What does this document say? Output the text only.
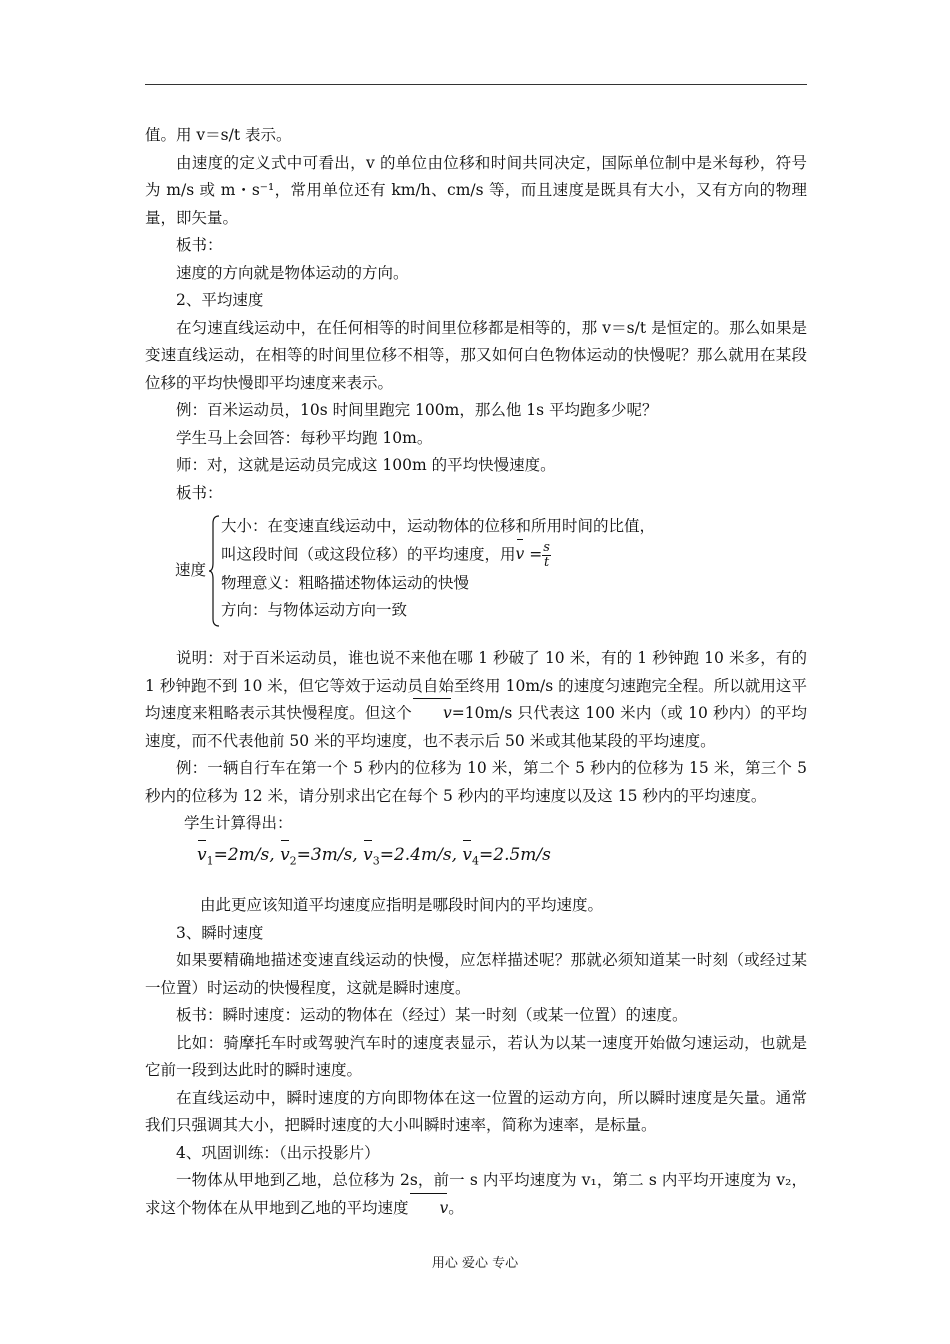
值。用 v＝s/t 表示。

由速度的定义式中可看出，v 的单位由位移和时间共同决定，国际单位制中是米每秒，符号为 m/s 或 m・s⁻¹，常用单位还有 km/h、cm/s 等，而且速度是既具有大小，又有方向的物理量，即矢量。

板书：

速度的方向就是物体运动的方向。

2、平均速度

在匀速直线运动中，在任何相等的时间里位移都是相等的，那 v＝s/t 是恒定的。那么如果是变速直线运动，在相等的时间里位移不相等，那又如何白色物体运动的快慢呢？那么就用在某段位移的平均快慢即平均速度来表示。

例：百米运动员，10s 时间里跑完 100m，那么他 1s 平均跑多少呢？

学生马上会回答：每秒平均跑 10m。

师：对，这就是运动员完成这 100m 的平均快慢速度。

板书：

速度
大小：在变速直线运动中，运动物体的位移和所用时间的比值，
叫这段时间（或这段位移）的平均速度，用$v = \frac{s}{t}$
物理意义：粗略描述物体运动的快慢
方向：与物体运动方向一致

说明：对于百米运动员，谁也说不来他在哪 1 秒破了 10 米，有的 1 秒钟跑 10 米多，有的 1 秒钟跑不到 10 米，但它等效于运动员自始至终用 10m/s 的速度匀速跑完全程。所以就用这平均速度来粗略表示其快慢程度。但这个 v=10m/s 只代表这 100 米内（或 10 秒内）的平均速度，而不代表他前 50 米的平均速度，也不表示后 50 米或其他某段的平均速度。

例：一辆自行车在第一个 5 秒内的位移为 10 米，第二个 5 秒内的位移为 15 米，第三个 5 秒内的位移为 12 米，请分别求出它在每个 5 秒内的平均速度以及这 15 秒内的平均速度。

学生计算得出：

$v_1=2m/s$, $v_2=3m/s$, $v_3=2.4m/s$, $v_4=2.5m/s$

由此更应该知道平均速度应指明是哪段时间内的平均速度。

3、瞬时速度

如果要精确地描述变速直线运动的快慢，应怎样描述呢？那就必须知道某一时刻（或经过某一位置）时运动的快慢程度，这就是瞬时速度。

板书：瞬时速度：运动的物体在（经过）某一时刻（或某一位置）的速度。

比如：骑摩托车时或驾驶汽车时的速度表显示，若认为以某一速度开始做匀速运动，也就是它前一段到达此时的瞬时速度。

在直线运动中，瞬时速度的方向即物体在这一位置的运动方向，所以瞬时速度是矢量。通常我们只强调其大小，把瞬时速度的大小叫瞬时速率，简称为速率，是标量。

4、巩固训练：（出示投影片）

一物体从甲地到乙地，总位移为 2s，前一 s 内平均速度为 v₁，第二 s 内平均开速度为 v₂，求这个物体在从甲地到乙地的平均速度 v。

用心 爱心 专心
